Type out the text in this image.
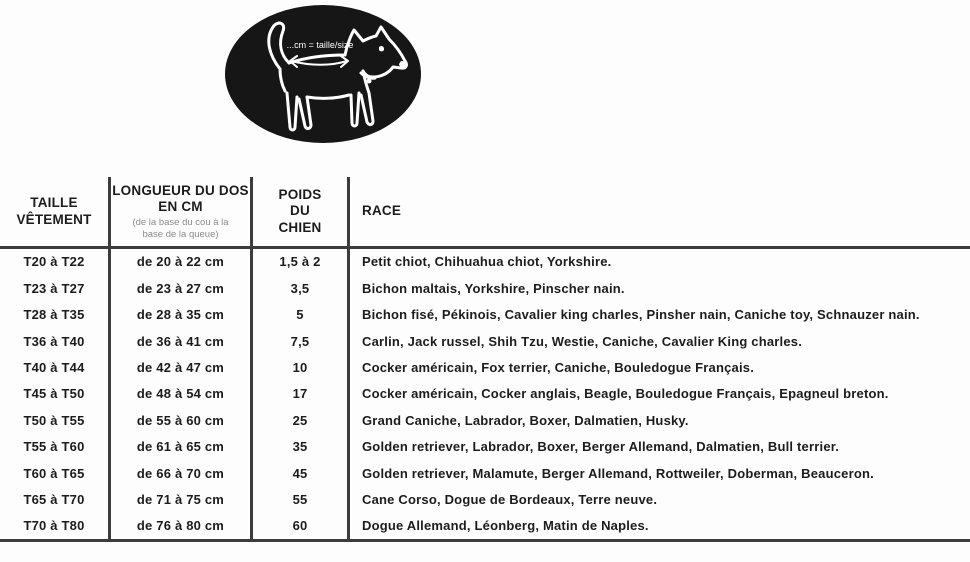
...cm = taille/size
TAILLE VÊTEMENT
LONGUEUR DU DOS EN CM
(de la base du cou à la base de la queue)
POIDS DU CHIEN
RACE
T20 à T22	de 20 à 22 cm	1,5 à 2	Petit chiot, Chihuahua chiot, Yorkshire.
T23 à T27	de 23 à 27 cm	3,5	Bichon maltais, Yorkshire, Pinscher nain.
T28 à T35	de 28 à 35 cm	5	Bichon fisé, Pékinois, Cavalier king charles, Pinsher nain, Caniche toy, Schnauzer nain.
T36 à T40	de 36 à 41 cm	7,5	Carlin, Jack russel, Shih Tzu, Westie, Caniche, Cavalier King charles.
T40 à T44	de 42 à 47 cm	10	Cocker américain, Fox terrier, Caniche, Bouledogue Français.
T45 à T50	de 48 à 54 cm	17	Cocker américain, Cocker anglais, Beagle, Bouledogue Français, Epagneul breton.
T50 à T55	de 55 à 60 cm	25	Grand Caniche, Labrador, Boxer, Dalmatien, Husky.
T55 à T60	de 61 à 65 cm	35	Golden retriever, Labrador, Boxer, Berger Allemand, Dalmatien, Bull terrier.
T60 à T65	de 66 à 70 cm	45	Golden retriever, Malamute, Berger Allemand, Rottweiler, Doberman, Beauceron.
T65 à T70	de 71 à 75 cm	55	Cane Corso, Dogue de Bordeaux, Terre neuve.
T70 à T80	de 76 à 80 cm	60	Dogue Allemand, Léonberg, Matin de Naples.
